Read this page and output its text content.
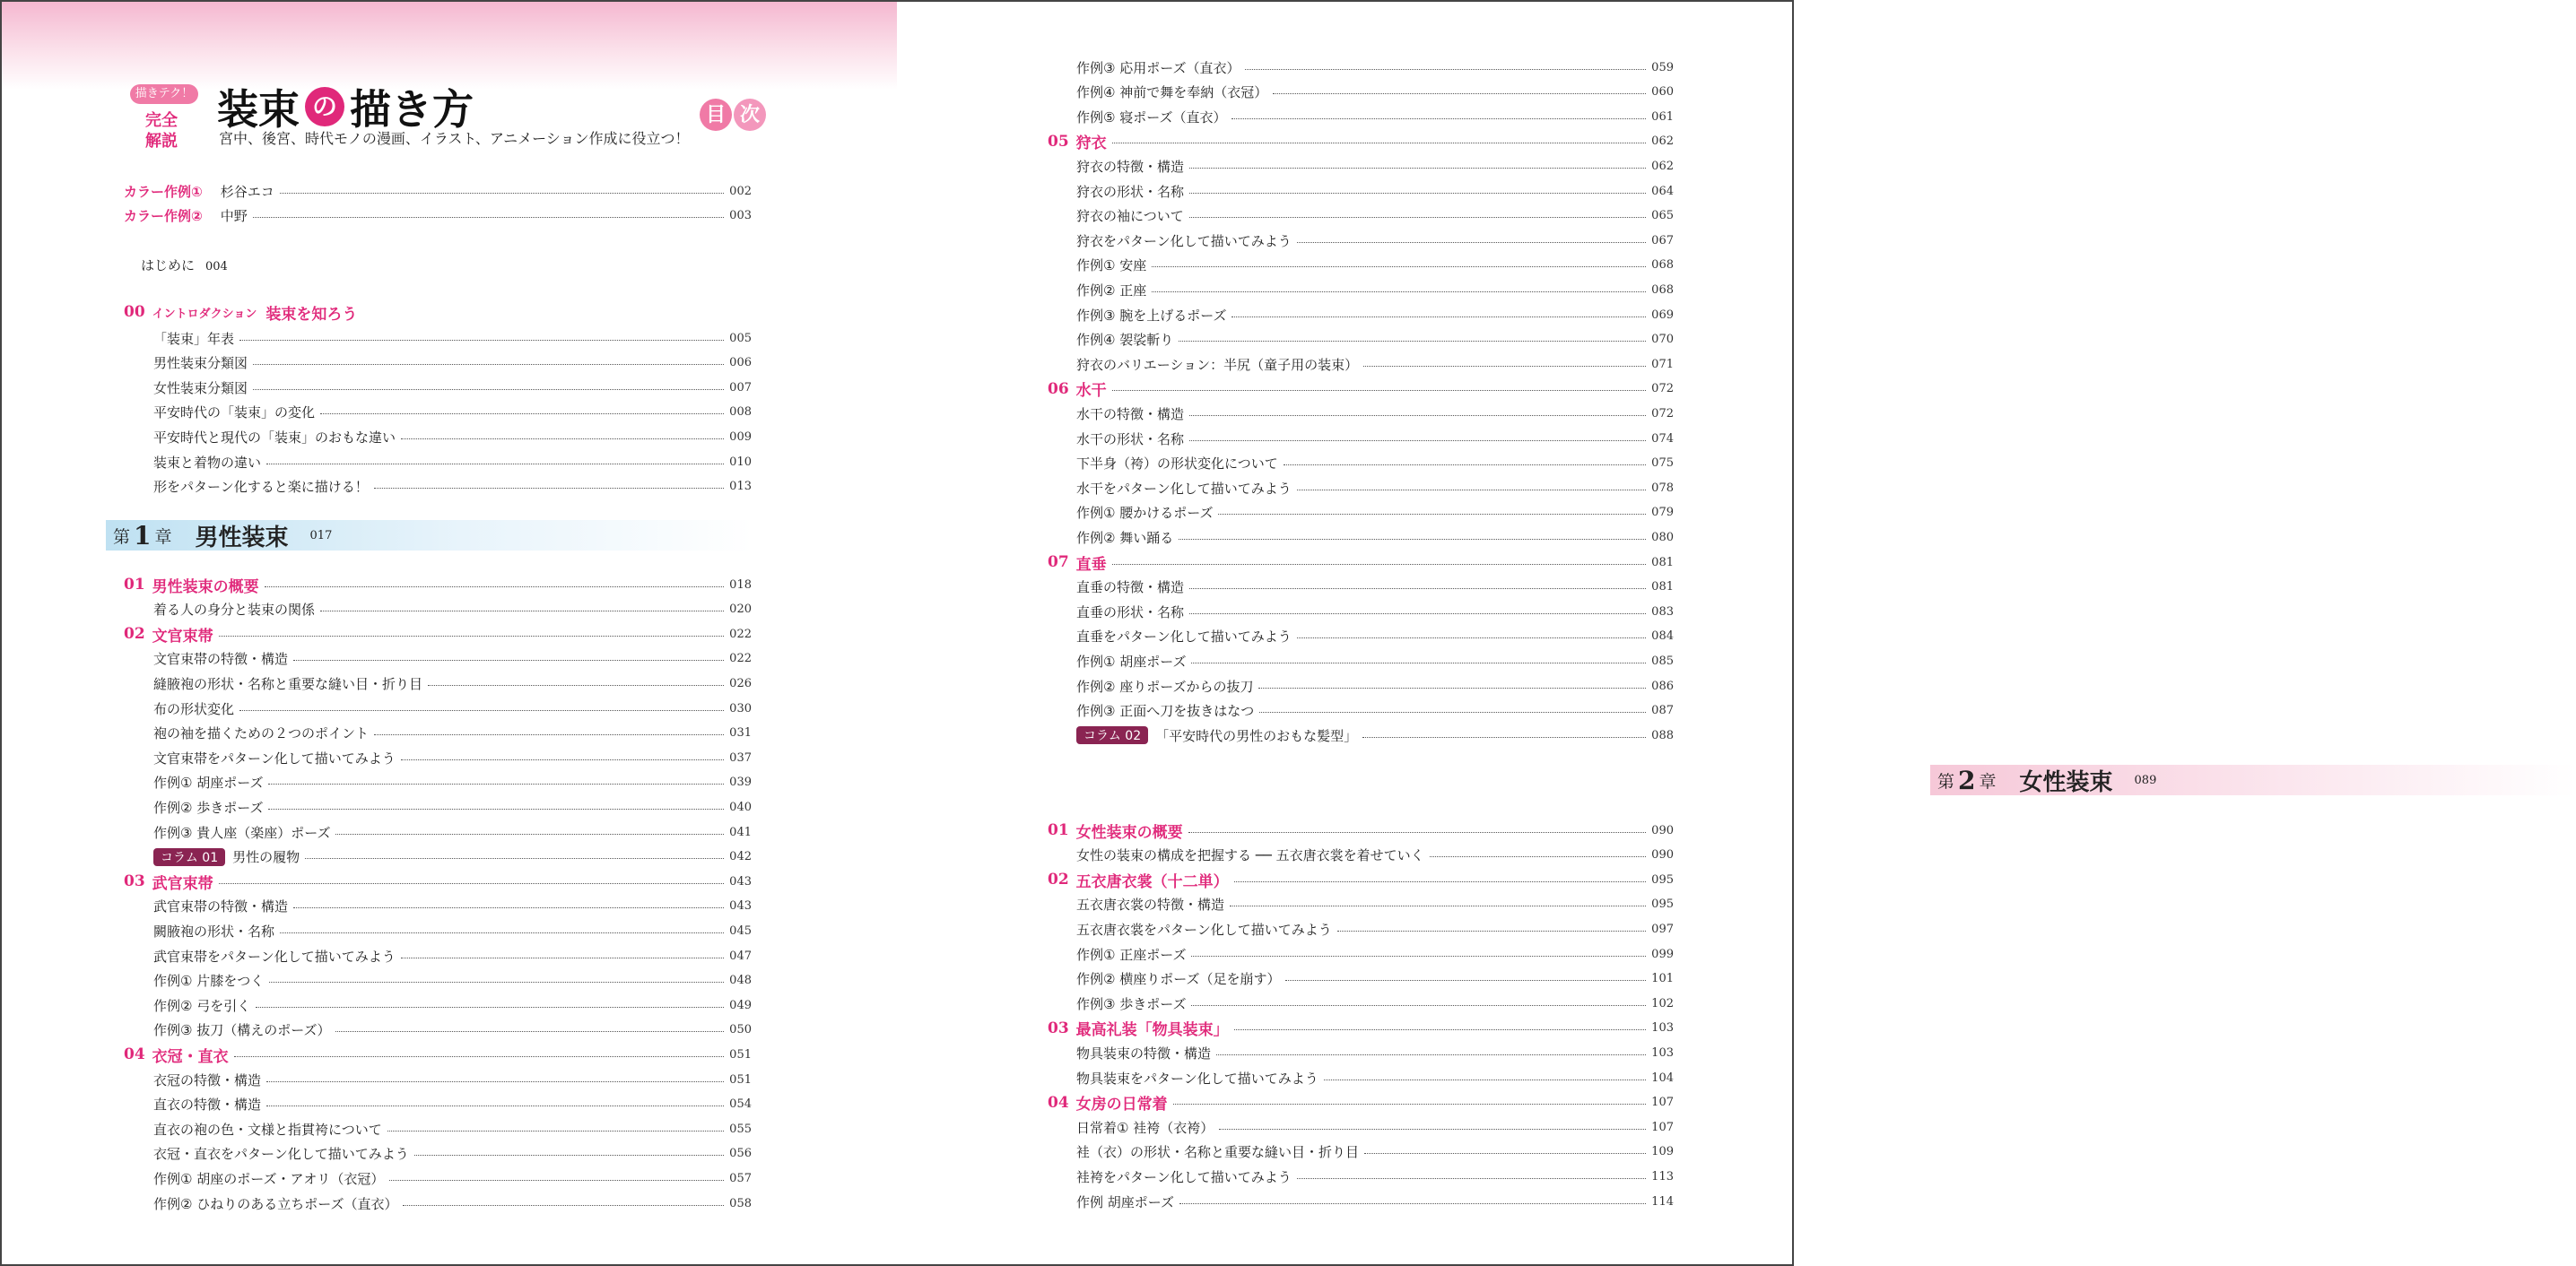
描きテク！
完全
解説
装束 の 描き方
宮中、後宮、時代モノの漫画、イラスト、アニメーション作成に役立つ！
目 次
カラー作例① 杉谷エコ	002
カラー作例② 中野	003
はじめに 004
00 イントロダクション 装束を知ろう
「装束」年表	005
男性装束分類図	006
女性装束分類図	007
平安時代の「装束」の変化	008
平安時代と現代の「装束」のおもな違い	009
装束と着物の違い	010
形をパターン化すると楽に描ける！	013
第 1 章 男性装束 017
01 男性装束の概要	018
着る人の身分と装束の関係	020
02 文官束帯	022
文官束帯の特徴・構造	022
縫腋袍の形状・名称と重要な縫い目・折り目	026
布の形状変化	030
袍の袖を描くための２つのポイント	031
文官束帯をパターン化して描いてみよう	037
作例① 胡座ポーズ	039
作例② 歩きポーズ	040
作例③ 貴人座（楽座）ポーズ	041
コラム 01	男性の履物	042
03 武官束帯	043
武官束帯の特徴・構造	043
闕腋袍の形状・名称	045
武官束帯をパターン化して描いてみよう	047
作例① 片膝をつく	048
作例② 弓を引く	049
作例③ 抜刀（構えのポーズ）	050
04 衣冠・直衣	051
衣冠の特徴・構造	051
直衣の特徴・構造	054
直衣の袍の色・文様と指貫袴について	055
衣冠・直衣をパターン化して描いてみよう	056
作例① 胡座のポーズ・アオリ（衣冠）	057
作例② ひねりのある立ちポーズ（直衣）	058
作例③ 応用ポーズ（直衣）	059
作例④ 神前で舞を奉納（衣冠）	060
作例⑤ 寝ポーズ（直衣）	061
05 狩衣	062
狩衣の特徴・構造	062
狩衣の形状・名称	064
狩衣の袖について	065
狩衣をパターン化して描いてみよう	067
作例① 安座	068
作例② 正座	068
作例③ 腕を上げるポーズ	069
作例④ 袈裟斬り	070
狩衣のバリエーション：半尻（童子用の装束）	071
06 水干	072
水干の特徴・構造	072
水干の形状・名称	074
下半身（袴）の形状変化について	075
水干をパターン化して描いてみよう	078
作例① 腰かけるポーズ	079
作例② 舞い踊る	080
07 直垂	081
直垂の特徴・構造	081
直垂の形状・名称	083
直垂をパターン化して描いてみよう	084
作例① 胡座ポーズ	085
作例② 座りポーズからの抜刀	086
作例③ 正面へ刀を抜きはなつ	087
コラム 02	「平安時代の男性のおもな髪型」	088
第 2 章 女性装束 089
01 女性装束の概要	090
女性の装束の構成を把握する ── 五衣唐衣裳を着せていく	090
02 五衣唐衣裳（十二単）	095
五衣唐衣裳の特徴・構造	095
五衣唐衣裳をパターン化して描いてみよう	097
作例① 正座ポーズ	099
作例② 横座りポーズ（足を崩す）	101
作例③ 歩きポーズ	102
03 最高礼装「物具装束」	103
物具装束の特徴・構造	103
物具装束をパターン化して描いてみよう	104
04 女房の日常着	107
日常着① 袿袴（衣袴）	107
袿（衣）の形状・名称と重要な縫い目・折り目	109
袿袴をパターン化して描いてみよう	113
作例 胡座ポーズ	114
